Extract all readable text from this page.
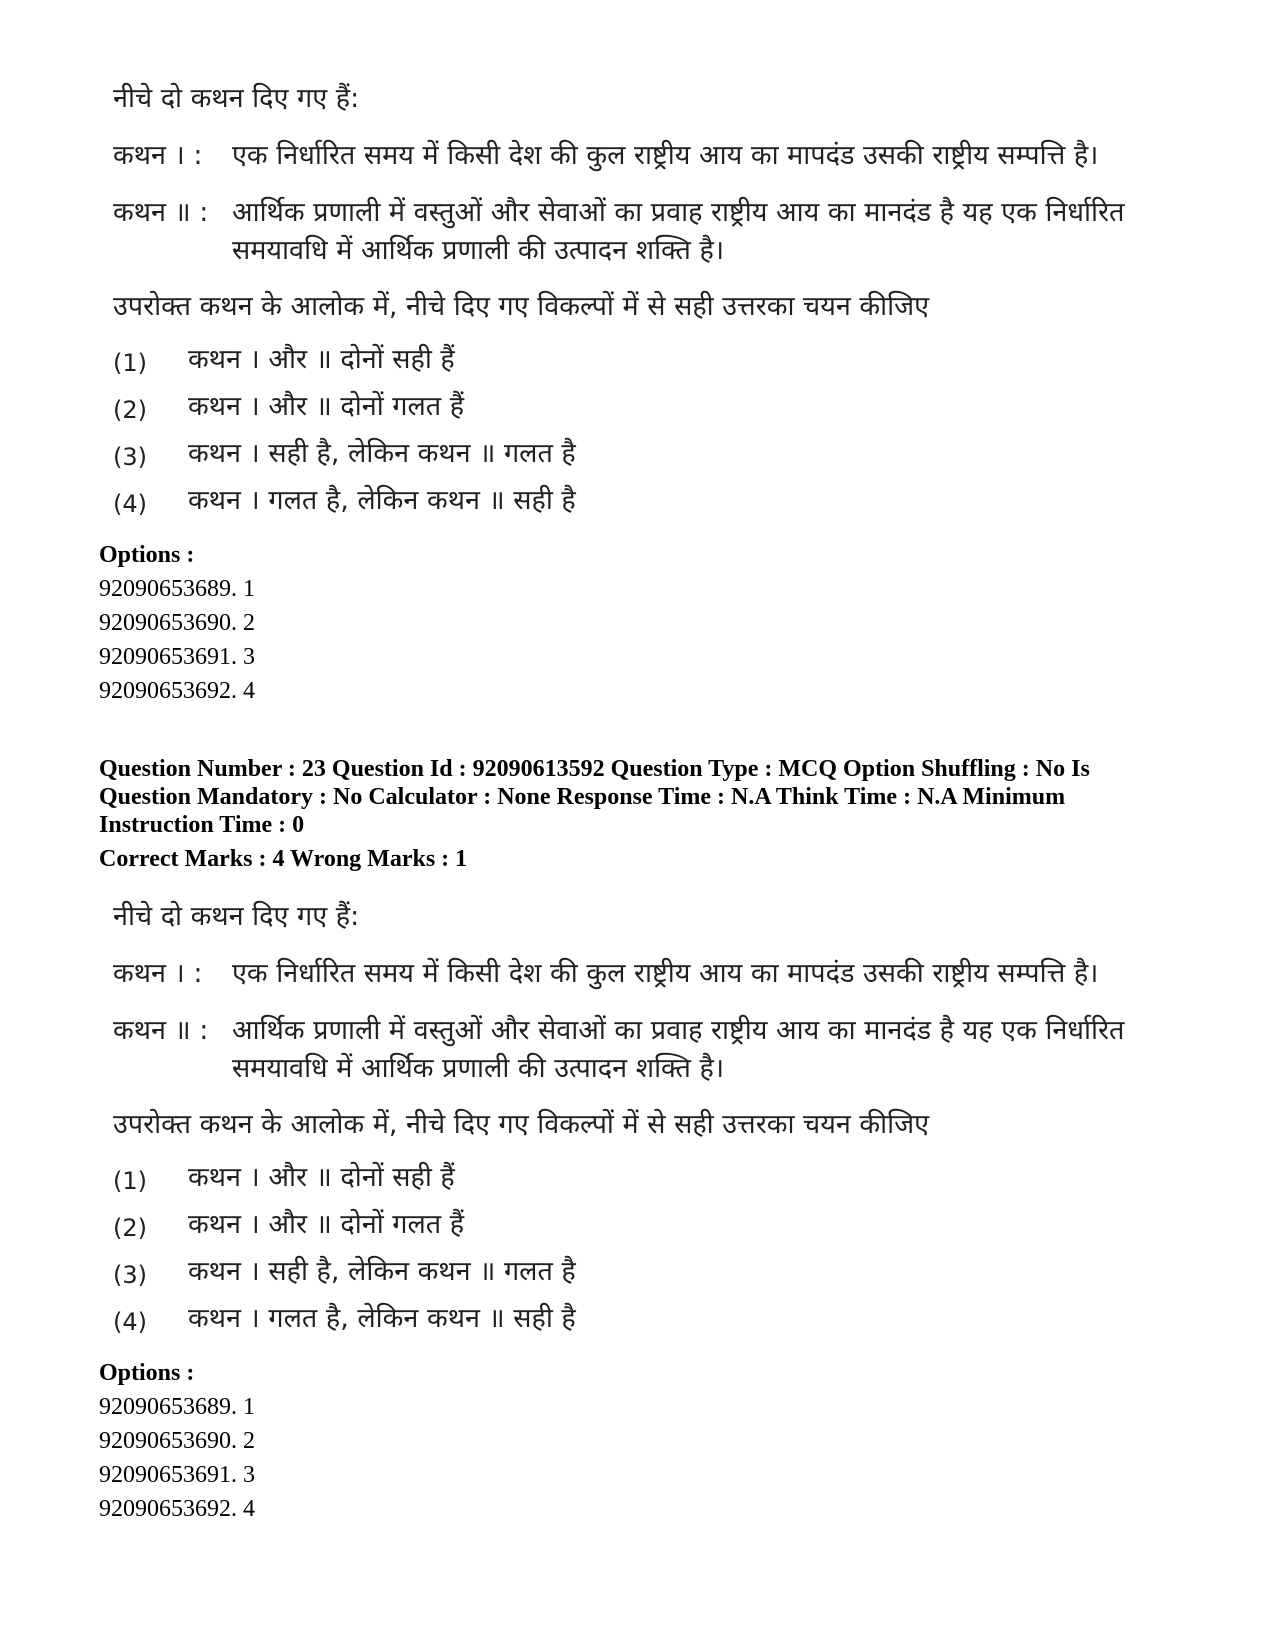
नीचे दो कथन दिए गए हैं:
कथन । : एक निर्धारित समय में किसी देश की कुल राष्ट्रीय आय का मापदंड उसकी राष्ट्रीय सम्पत्ति है।
कथन ॥ : आर्थिक प्रणाली में वस्तुओं और सेवाओं का प्रवाह राष्ट्रीय आय का मानदंड है यह एक निर्धारित
समयावधि में आर्थिक प्रणाली की उत्पादन शक्ति है।
उपरोक्त कथन के आलोक में, नीचे दिए गए विकल्पों में से सही उत्तरका चयन कीजिए
(1) कथन । और ॥ दोनों सही हैं
(2) कथन । और ॥ दोनों गलत हैं
(3) कथन । सही है, लेकिन कथन ॥ गलत है
(4) कथन । गलत है, लेकिन कथन ॥ सही है
Options :
92090653689. 1
92090653690. 2
92090653691. 3
92090653692. 4
Question Number : 23 Question Id : 92090613592 Question Type : MCQ Option Shuffling : No Is Question Mandatory : No Calculator : None Response Time : N.A Think Time : N.A Minimum Instruction Time : 0
Correct Marks : 4 Wrong Marks : 1
नीचे दो कथन दिए गए हैं:
कथन । : एक निर्धारित समय में किसी देश की कुल राष्ट्रीय आय का मापदंड उसकी राष्ट्रीय सम्पत्ति है।
कथन ॥ : आर्थिक प्रणाली में वस्तुओं और सेवाओं का प्रवाह राष्ट्रीय आय का मानदंड है यह एक निर्धारित
समयावधि में आर्थिक प्रणाली की उत्पादन शक्ति है।
उपरोक्त कथन के आलोक में, नीचे दिए गए विकल्पों में से सही उत्तरका चयन कीजिए
(1) कथन । और ॥ दोनों सही हैं
(2) कथन । और ॥ दोनों गलत हैं
(3) कथन । सही है, लेकिन कथन ॥ गलत है
(4) कथन । गलत है, लेकिन कथन ॥ सही है
Options :
92090653689. 1
92090653690. 2
92090653691. 3
92090653692. 4
